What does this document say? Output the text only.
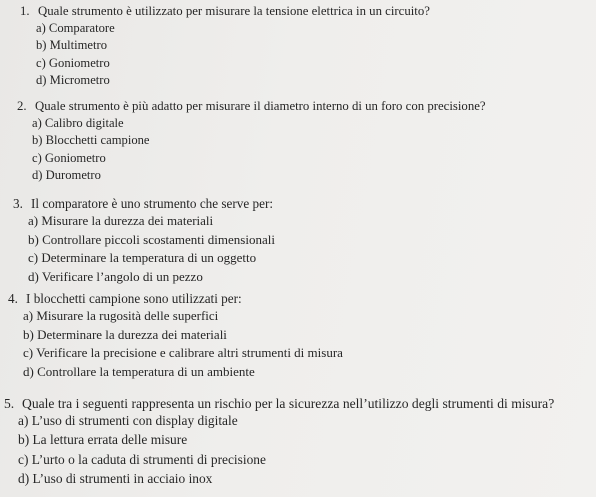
1. Quale strumento è utilizzato per misurare la tensione elettrica in un circuito?
a) Comparatore
b) Multimetro
c) Goniometro
d) Micrometro
2. Quale strumento è più adatto per misurare il diametro interno di un foro con precisione?
a) Calibro digitale
b) Blocchetti campione
c) Goniometro
d) Durometro
3. Il comparatore è uno strumento che serve per:
a) Misurare la durezza dei materiali
b) Controllare piccoli scostamenti dimensionali
c) Determinare la temperatura di un oggetto
d) Verificare l’angolo di un pezzo
4. I blocchetti campione sono utilizzati per:
a) Misurare la rugosità delle superfici
b) Determinare la durezza dei materiali
c) Verificare la precisione e calibrare altri strumenti di misura
d) Controllare la temperatura di un ambiente
5. Quale tra i seguenti rappresenta un rischio per la sicurezza nell’utilizzo degli strumenti di misura?
a) L’uso di strumenti con display digitale
b) La lettura errata delle misure
c) L’urto o la caduta di strumenti di precisione
d) L’uso di strumenti in acciaio inox
